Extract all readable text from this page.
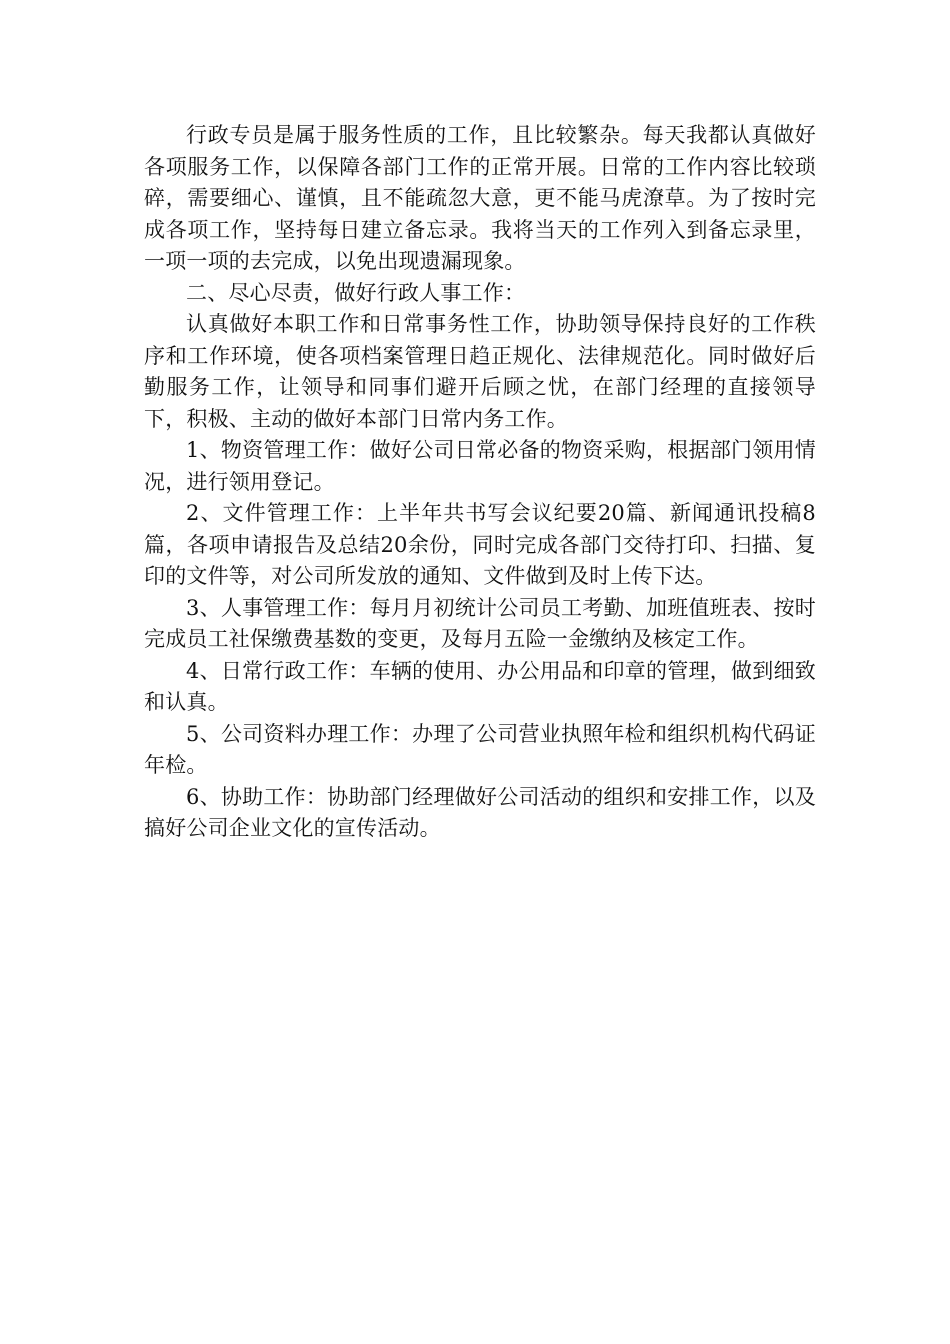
行政专员是属于服务性质的工作，且比较繁杂。每天我都认真做好各项服务工作，以保障各部门工作的正常开展。日常的工作内容比较琐碎，需要细心、谨慎，且不能疏忽大意，更不能马虎潦草。为了按时完成各项工作，坚持每日建立备忘录。我将当天的工作列入到备忘录里，一项一项的去完成，以免出现遗漏现象。

二、尽心尽责，做好行政人事工作：

认真做好本职工作和日常事务性工作，协助领导保持良好的工作秩序和工作环境，使各项档案管理日趋正规化、法律规范化。同时做好后勤服务工作，让领导和同事们避开后顾之忧，在部门经理的直接领导下，积极、主动的做好本部门日常内务工作。

1、物资管理工作：做好公司日常必备的物资采购，根据部门领用情况，进行领用登记。

2、文件管理工作：上半年共书写会议纪要20篇、新闻通讯投稿8篇，各项申请报告及总结20余份，同时完成各部门交待打印、扫描、复印的文件等，对公司所发放的通知、文件做到及时上传下达。

3、人事管理工作：每月月初统计公司员工考勤、加班值班表、按时完成员工社保缴费基数的变更，及每月五险一金缴纳及核定工作。

4、日常行政工作：车辆的使用、办公用品和印章的管理，做到细致和认真。

5、公司资料办理工作：办理了公司营业执照年检和组织机构代码证年检。

6、协助工作：协助部门经理做好公司活动的组织和安排工作，以及搞好公司企业文化的宣传活动。
